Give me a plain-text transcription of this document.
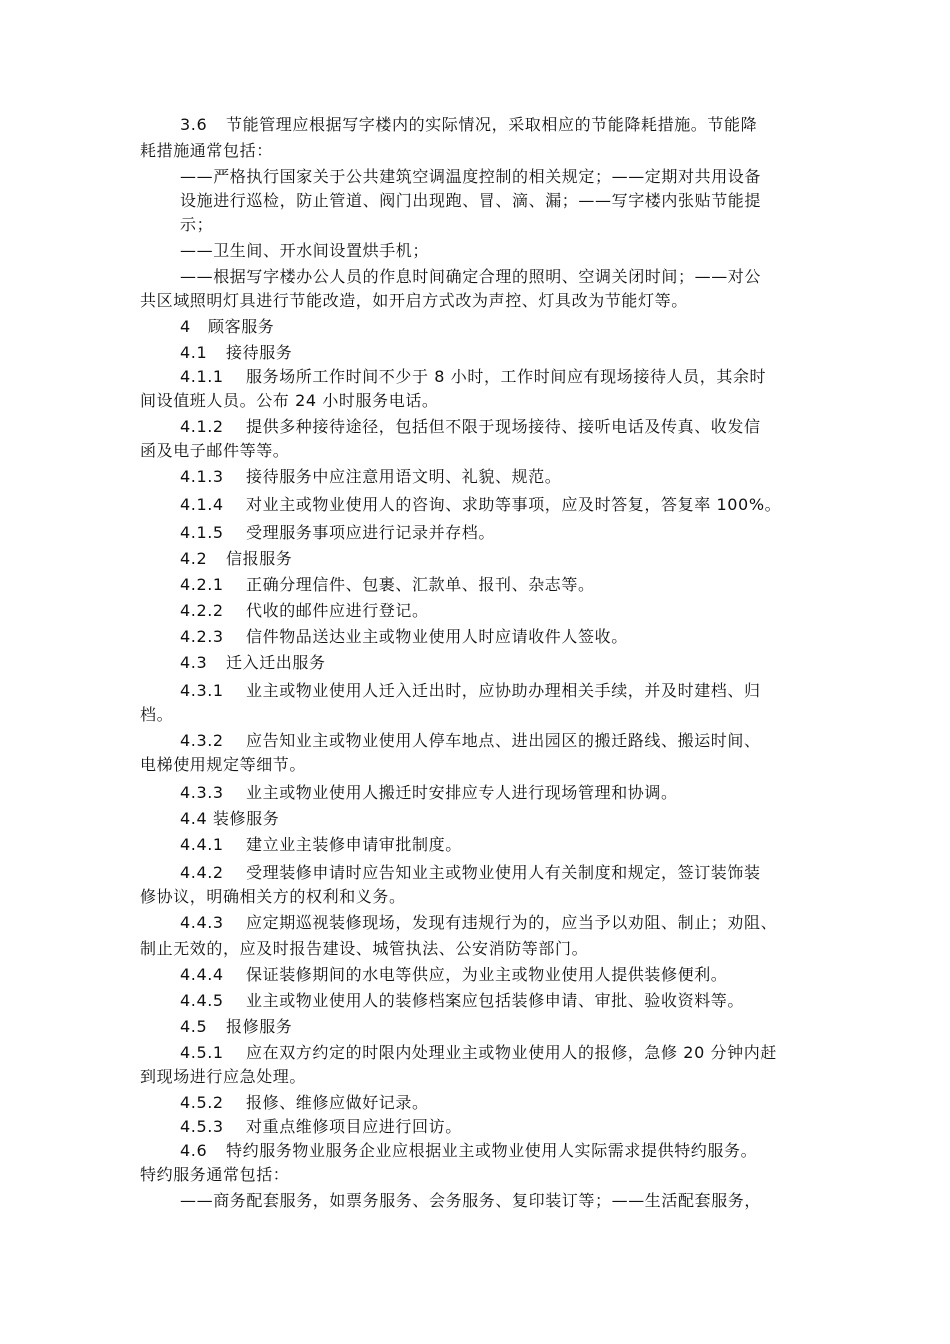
3.6 节能管理应根据写字楼内的实际情况，采取相应的节能降耗措施。节能降
耗措施通常包括：
——严格执行国家关于公共建筑空调温度控制的相关规定；——定期对共用设备
设施进行巡检，防止管道、阀门出现跑、冒、滴、漏；——写字楼内张贴节能提
示；
——卫生间、开水间设置烘手机；
——根据写字楼办公人员的作息时间确定合理的照明、空调关闭时间；——对公
共区域照明灯具进行节能改造，如开启方式改为声控、灯具改为节能灯等。
4 顾客服务
4.1 接待服务
4.1.1 服务场所工作时间不少于 8 小时，工作时间应有现场接待人员，其余时
间设值班人员。公布 24 小时服务电话。
4.1.2 提供多种接待途径，包括但不限于现场接待、接听电话及传真、收发信
函及电子邮件等等。
4.1.3 接待服务中应注意用语文明、礼貌、规范。
4.1.4 对业主或物业使用人的咨询、求助等事项，应及时答复，答复率 100%。
4.1.5 受理服务事项应进行记录并存档。
4.2 信报服务
4.2.1 正确分理信件、包裹、汇款单、报刊、杂志等。
4.2.2 代收的邮件应进行登记。
4.2.3 信件物品送达业主或物业使用人时应请收件人签收。
4.3 迁入迁出服务
4.3.1 业主或物业使用人迁入迁出时，应协助办理相关手续，并及时建档、归
档。
4.3.2 应告知业主或物业使用人停车地点、进出园区的搬迁路线、搬运时间、
电梯使用规定等细节。
4.3.3 业主或物业使用人搬迁时安排应专人进行现场管理和协调。
4.4 装修服务
4.4.1 建立业主装修申请审批制度。
4.4.2 受理装修申请时应告知业主或物业使用人有关制度和规定，签订装饰装
修协议，明确相关方的权利和义务。
4.4.3 应定期巡视装修现场，发现有违规行为的，应当予以劝阻、制止；劝阻、
制止无效的，应及时报告建设、城管执法、公安消防等部门。
4.4.4 保证装修期间的水电等供应，为业主或物业使用人提供装修便利。
4.4.5 业主或物业使用人的装修档案应包括装修申请、审批、验收资料等。
4.5 报修服务
4.5.1 应在双方约定的时限内处理业主或物业使用人的报修，急修 20 分钟内赶
到现场进行应急处理。
4.5.2 报修、维修应做好记录。
4.5.3 对重点维修项目应进行回访。
4.6 特约服务物业服务企业应根据业主或物业使用人实际需求提供特约服务。
特约服务通常包括：
——商务配套服务，如票务服务、会务服务、复印装订等；——生活配套服务，
